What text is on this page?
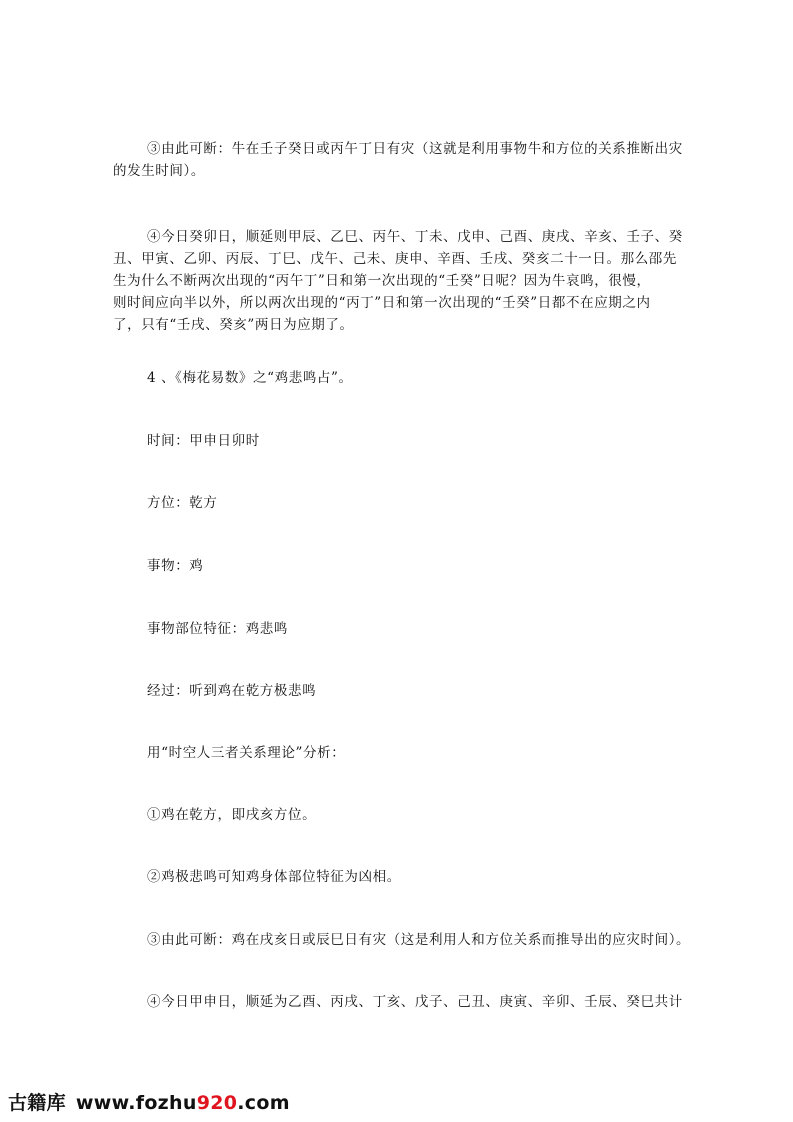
③由此可断：牛在壬子癸日或丙午丁日有灾（这就是利用事物牛和方位的关系推断出灾
的发生时间）。
④今日癸卯日，顺延则甲辰、乙巳、丙午、丁未、戊申、己酉、庚戌、辛亥、壬子、癸
丑、甲寅、乙卯、丙辰、丁巳、戊午、己未、庚申、辛酉、壬戌、癸亥二十一日。那么邵先
生为什么不断两次出现的“丙午丁”日和第一次出现的“壬癸”日呢？因为牛哀鸣，很慢，
则时间应向半以外，所以两次出现的“丙丁”日和第一次出现的“壬癸”日都不在应期之内
了，只有“壬戌、癸亥”两日为应期了。
4 、《梅花易数》之“鸡悲鸣占”。
时间：甲申日卯时
方位：乾方
事物：鸡
事物部位特征：鸡悲鸣
经过：听到鸡在乾方极悲鸣
用“时空人三者关系理论”分析：
①鸡在乾方，即戌亥方位。
②鸡极悲鸣可知鸡身体部位特征为凶相。
③由此可断：鸡在戌亥日或辰巳日有灾（这是利用人和方位关系而推导出的应灾时间）。
④今日甲申日，顺延为乙酉、丙戌、丁亥、戊子、己丑、庚寅、辛卯、壬辰、癸巳共计
古籍库 www.fozhu920.com
